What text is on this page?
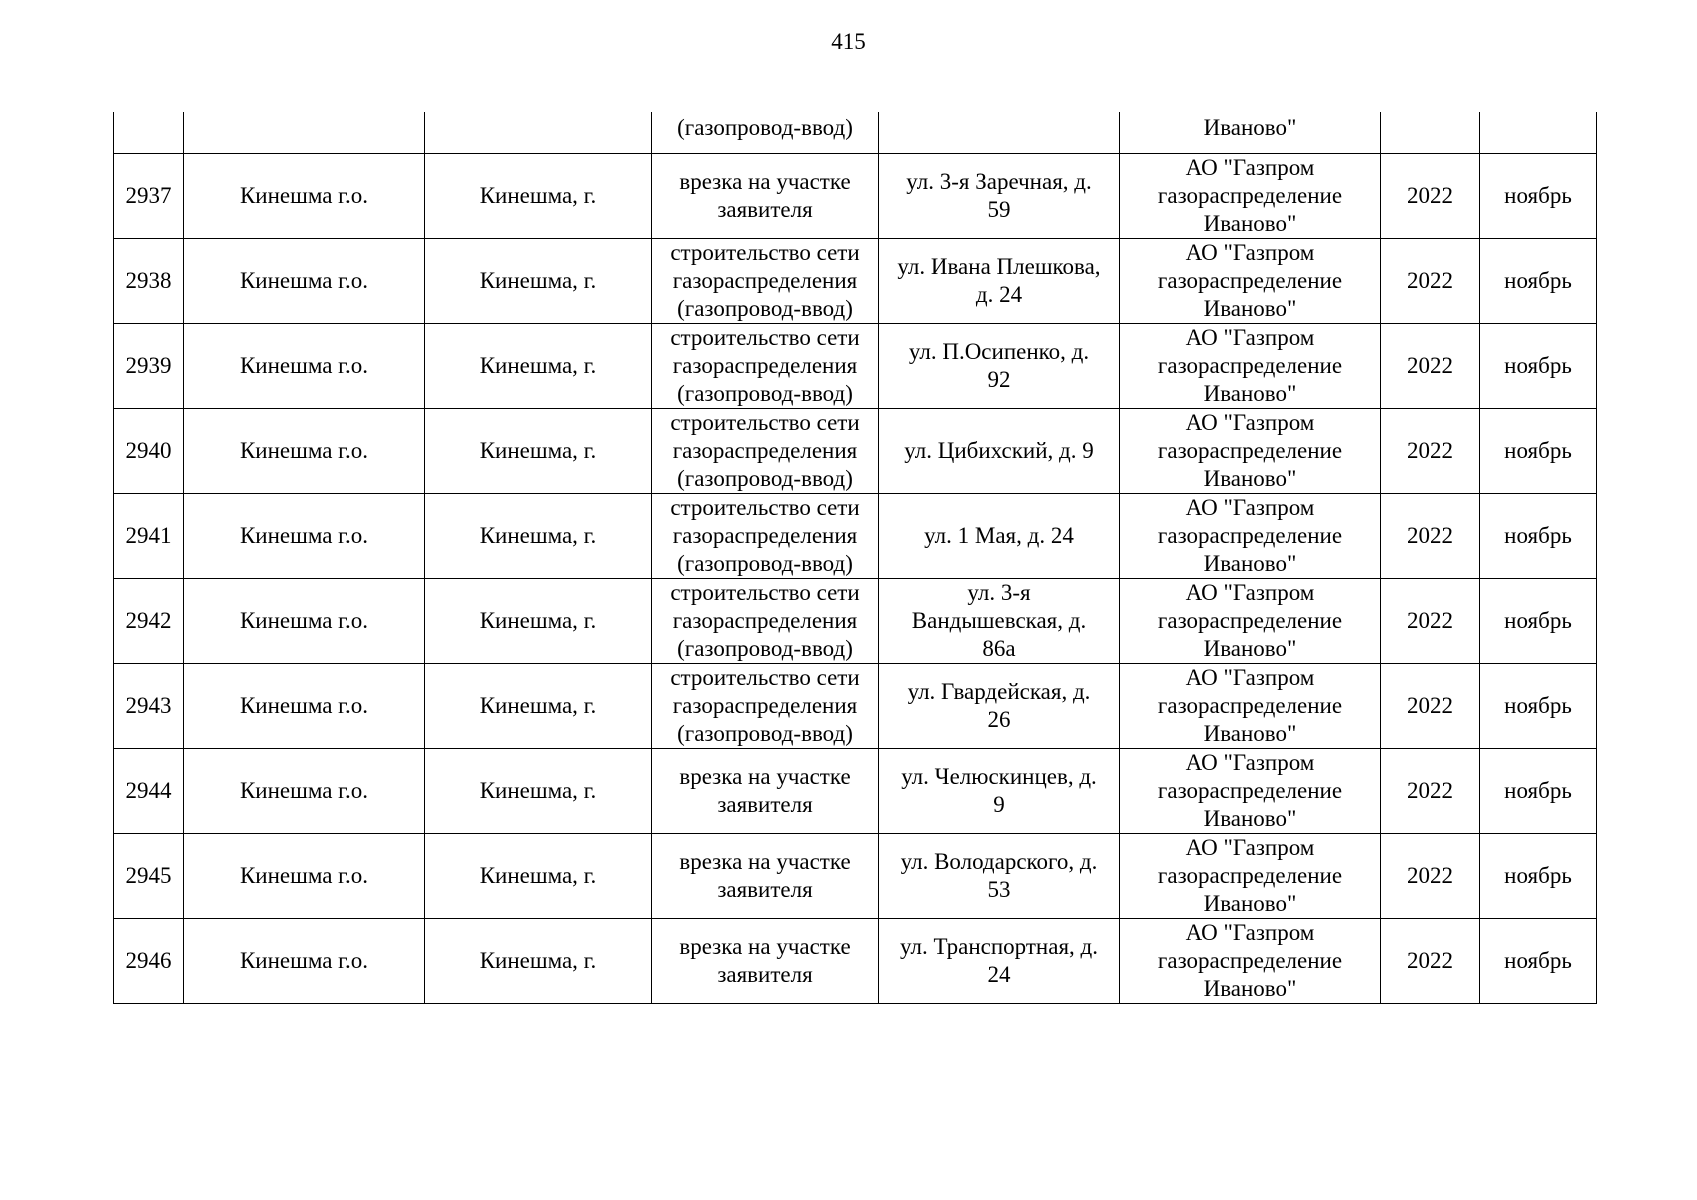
415
			(газопровод-ввод)		Иваново"		
2937	Кинешма г.о.	Кинешма, г.	врезка на участке
заявителя	ул. 3-я Заречная, д.
59	АО "Газпром
газораспределение
Иваново"	2022	ноябрь
2938	Кинешма г.о.	Кинешма, г.	строительство сети
газораспределения
(газопровод-ввод)	ул. Ивана Плешкова,
д. 24	АО "Газпром
газораспределение
Иваново"	2022	ноябрь
2939	Кинешма г.о.	Кинешма, г.	строительство сети
газораспределения
(газопровод-ввод)	ул. П.Осипенко, д.
92	АО "Газпром
газораспределение
Иваново"	2022	ноябрь
2940	Кинешма г.о.	Кинешма, г.	строительство сети
газораспределения
(газопровод-ввод)	ул. Цибихский, д. 9	АО "Газпром
газораспределение
Иваново"	2022	ноябрь
2941	Кинешма г.о.	Кинешма, г.	строительство сети
газораспределения
(газопровод-ввод)	ул. 1 Мая, д. 24	АО "Газпром
газораспределение
Иваново"	2022	ноябрь
2942	Кинешма г.о.	Кинешма, г.	строительство сети
газораспределения
(газопровод-ввод)	ул. 3-я
Вандышевская, д.
86а	АО "Газпром
газораспределение
Иваново"	2022	ноябрь
2943	Кинешма г.о.	Кинешма, г.	строительство сети
газораспределения
(газопровод-ввод)	ул. Гвардейская, д.
26	АО "Газпром
газораспределение
Иваново"	2022	ноябрь
2944	Кинешма г.о.	Кинешма, г.	врезка на участке
заявителя	ул. Челюскинцев, д.
9	АО "Газпром
газораспределение
Иваново"	2022	ноябрь
2945	Кинешма г.о.	Кинешма, г.	врезка на участке
заявителя	ул. Володарского, д.
53	АО "Газпром
газораспределение
Иваново"	2022	ноябрь
2946	Кинешма г.о.	Кинешма, г.	врезка на участке
заявителя	ул. Транспортная, д.
24	АО "Газпром
газораспределение
Иваново"	2022	ноябрь
